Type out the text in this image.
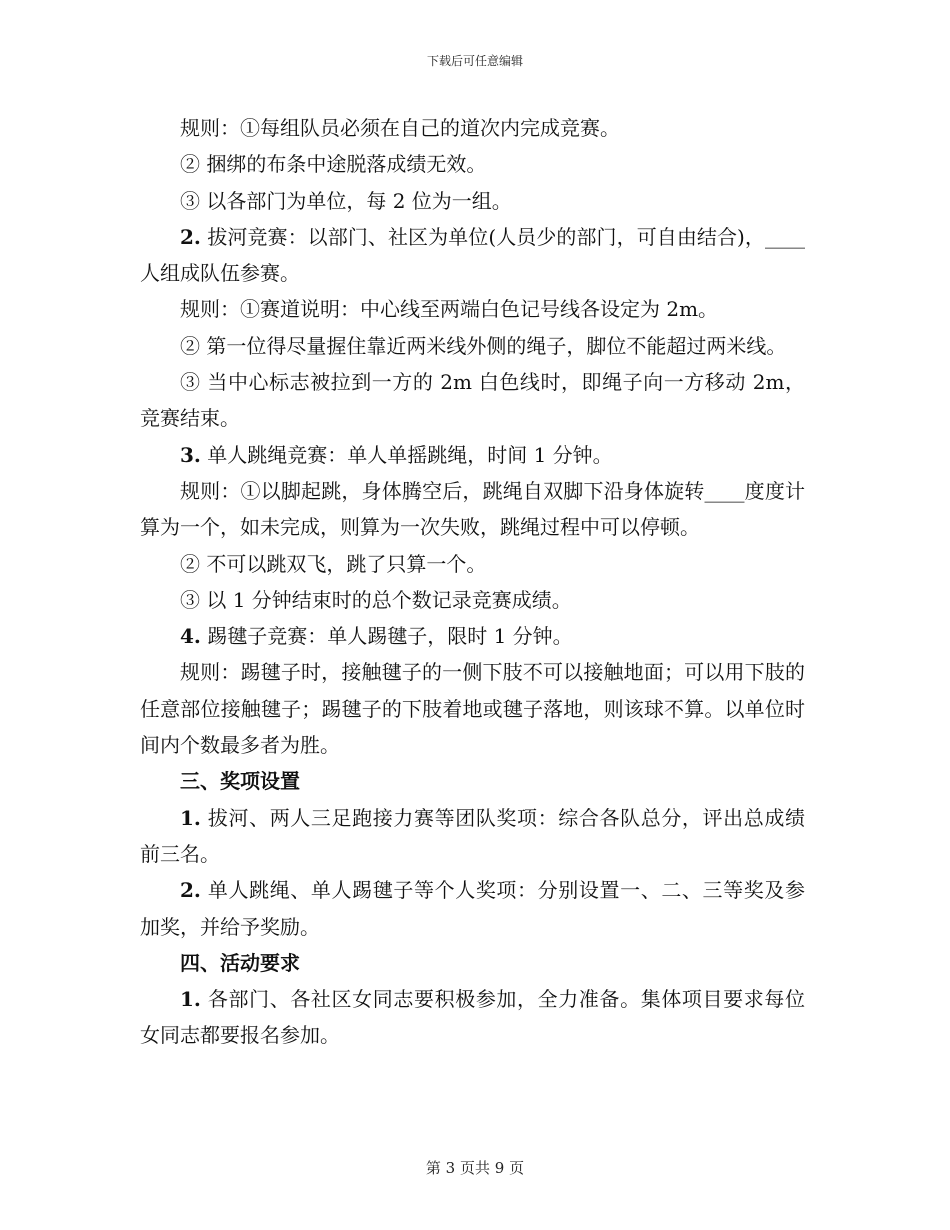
下载后可任意编辑

规则：①每组队员必须在自己的道次内完成竞赛。

② 捆绑的布条中途脱落成绩无效。

③ 以各部门为单位，每 2 位为一组。

2. 拔河竞赛：以部门、社区为单位(人员少的部门，可自由结合)，____人组成队伍参赛。

规则：①赛道说明：中心线至两端白色记号线各设定为 2m。

② 第一位得尽量握住靠近两米线外侧的绳子，脚位不能超过两米线。

③ 当中心标志被拉到一方的 2m 白色线时，即绳子向一方移动 2m，竞赛结束。

3. 单人跳绳竞赛：单人单摇跳绳，时间 1 分钟。

规则：①以脚起跳，身体腾空后，跳绳自双脚下沿身体旋转____度度计算为一个，如未完成，则算为一次失败，跳绳过程中可以停顿。

② 不可以跳双飞，跳了只算一个。

③ 以 1 分钟结束时的总个数记录竞赛成绩。

4. 踢毽子竞赛：单人踢毽子，限时 1 分钟。

规则：踢毽子时，接触毽子的一侧下肢不可以接触地面；可以用下肢的任意部位接触毽子；踢毽子的下肢着地或毽子落地，则该球不算。以单位时间内个数最多者为胜。

三、奖项设置

1. 拔河、两人三足跑接力赛等团队奖项：综合各队总分，评出总成绩前三名。

2. 单人跳绳、单人踢毽子等个人奖项：分别设置一、二、三等奖及参加奖，并给予奖励。

四、活动要求

1. 各部门、各社区女同志要积极参加，全力准备。集体项目要求每位女同志都要报名参加。

第 3 页共 9 页
